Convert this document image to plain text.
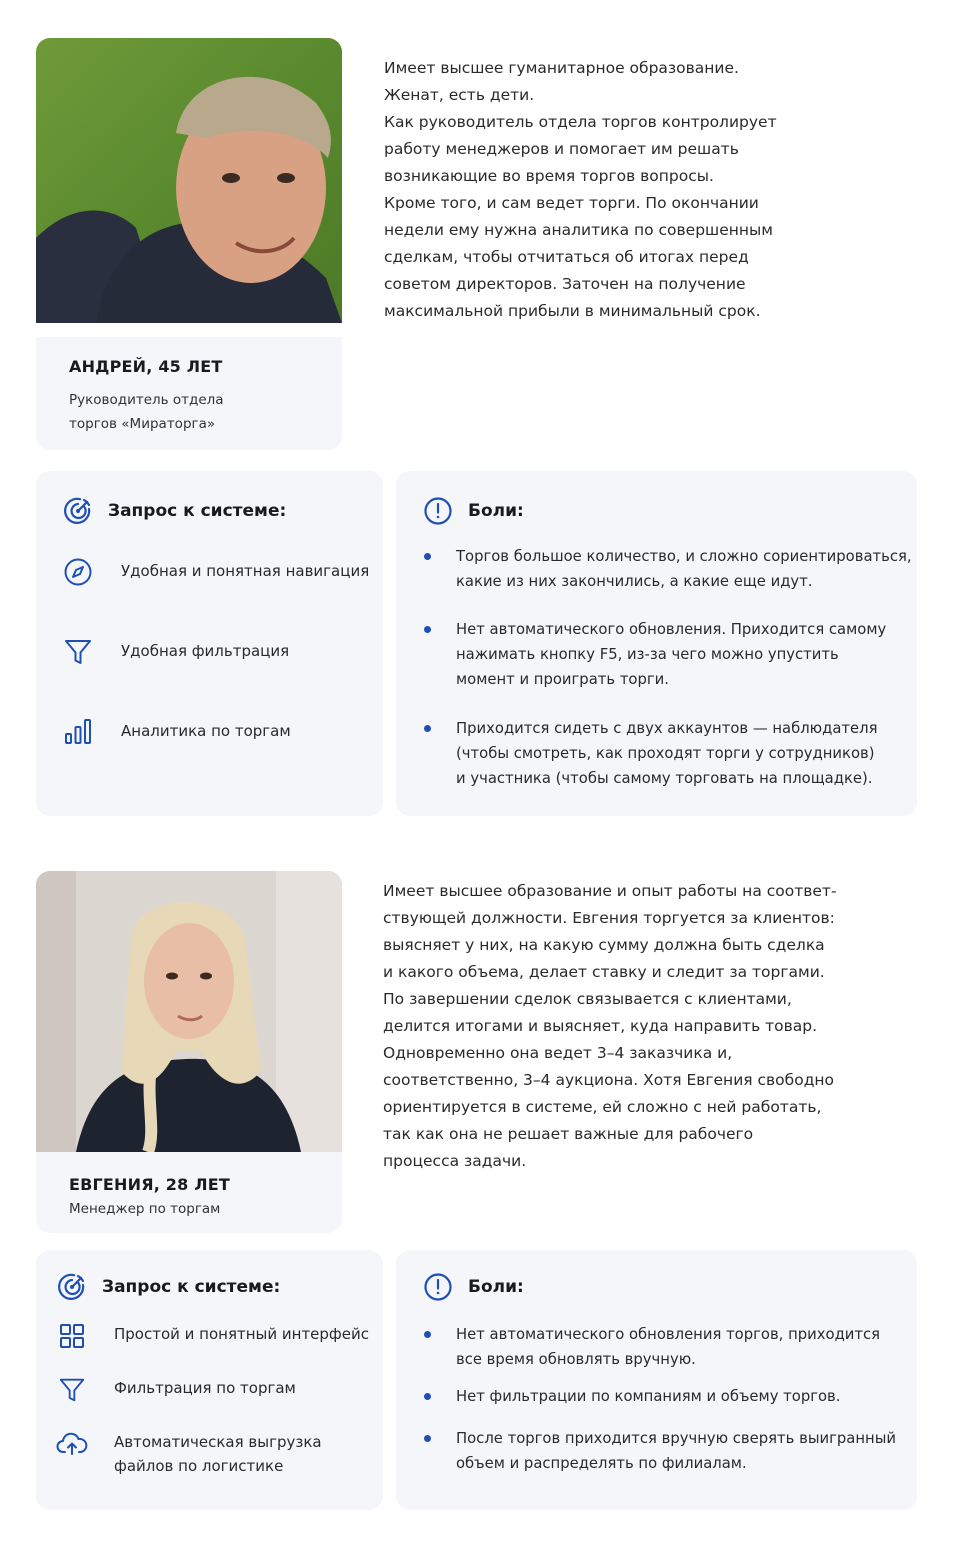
АНДРЕЙ, 45 ЛЕТ
Руководитель отдела
торгов «Мираторга»

Имеет высшее гуманитарное образование.

Женат, есть дети.

Как руководитель отдела торгов контролирует

работу менеджеров и помогает им решать

возникающие во время торгов вопросы.

Кроме того, и сам ведет торги. По окончании

недели ему нужна аналитика по совершенным

сделкам, чтобы отчитаться об итогах перед

советом директоров. Заточен на получение

максимальной прибыли в минимальный срок.

Запрос к системе:
Удобная и понятная навигация
Удобная фильтрация
Аналитика по торгам
Боли:

Торгов большое количество, и сложно сориентироваться,

какие из них закончились, а какие еще идут.

Нет автоматического обновления. Приходится самому

нажимать кнопку F5, из-за чего можно упустить

момент и проиграть торги.

Приходится сидеть с двух аккаунтов — наблюдателя

(чтобы смотреть, как проходят торги у сотрудников)

и участника (чтобы самому торговать на площадке).

ЕВГЕНИЯ, 28 ЛЕТ
Менеджер по торгам

Имеет высшее образование и опыт работы на соответ-

ствующей должности. Евгения торгуется за клиентов:

выясняет у них, на какую сумму должна быть сделка

и какого объема, делает ставку и следит за торгами.

По завершении сделок связывается с клиентами,

делится итогами и выясняет, куда направить товар.

Одновременно она ведет 3–4 заказчика и,

соответственно, 3–4 аукциона. Хотя Евгения свободно

ориентируется в системе, ей сложно с ней работать,

так как она не решает важные для рабочего

процесса задачи.

Запрос к системе:
Простой и понятный интерфейс
Фильтрация по торгам
Автоматическая выгрузка
файлов по логистике
Боли:

Нет автоматического обновления торгов, приходится

все время обновлять вручную.

Нет фильтрации по компаниям и объему торгов.

После торгов приходится вручную сверять выигранный

объем и распределять по филиалам.
